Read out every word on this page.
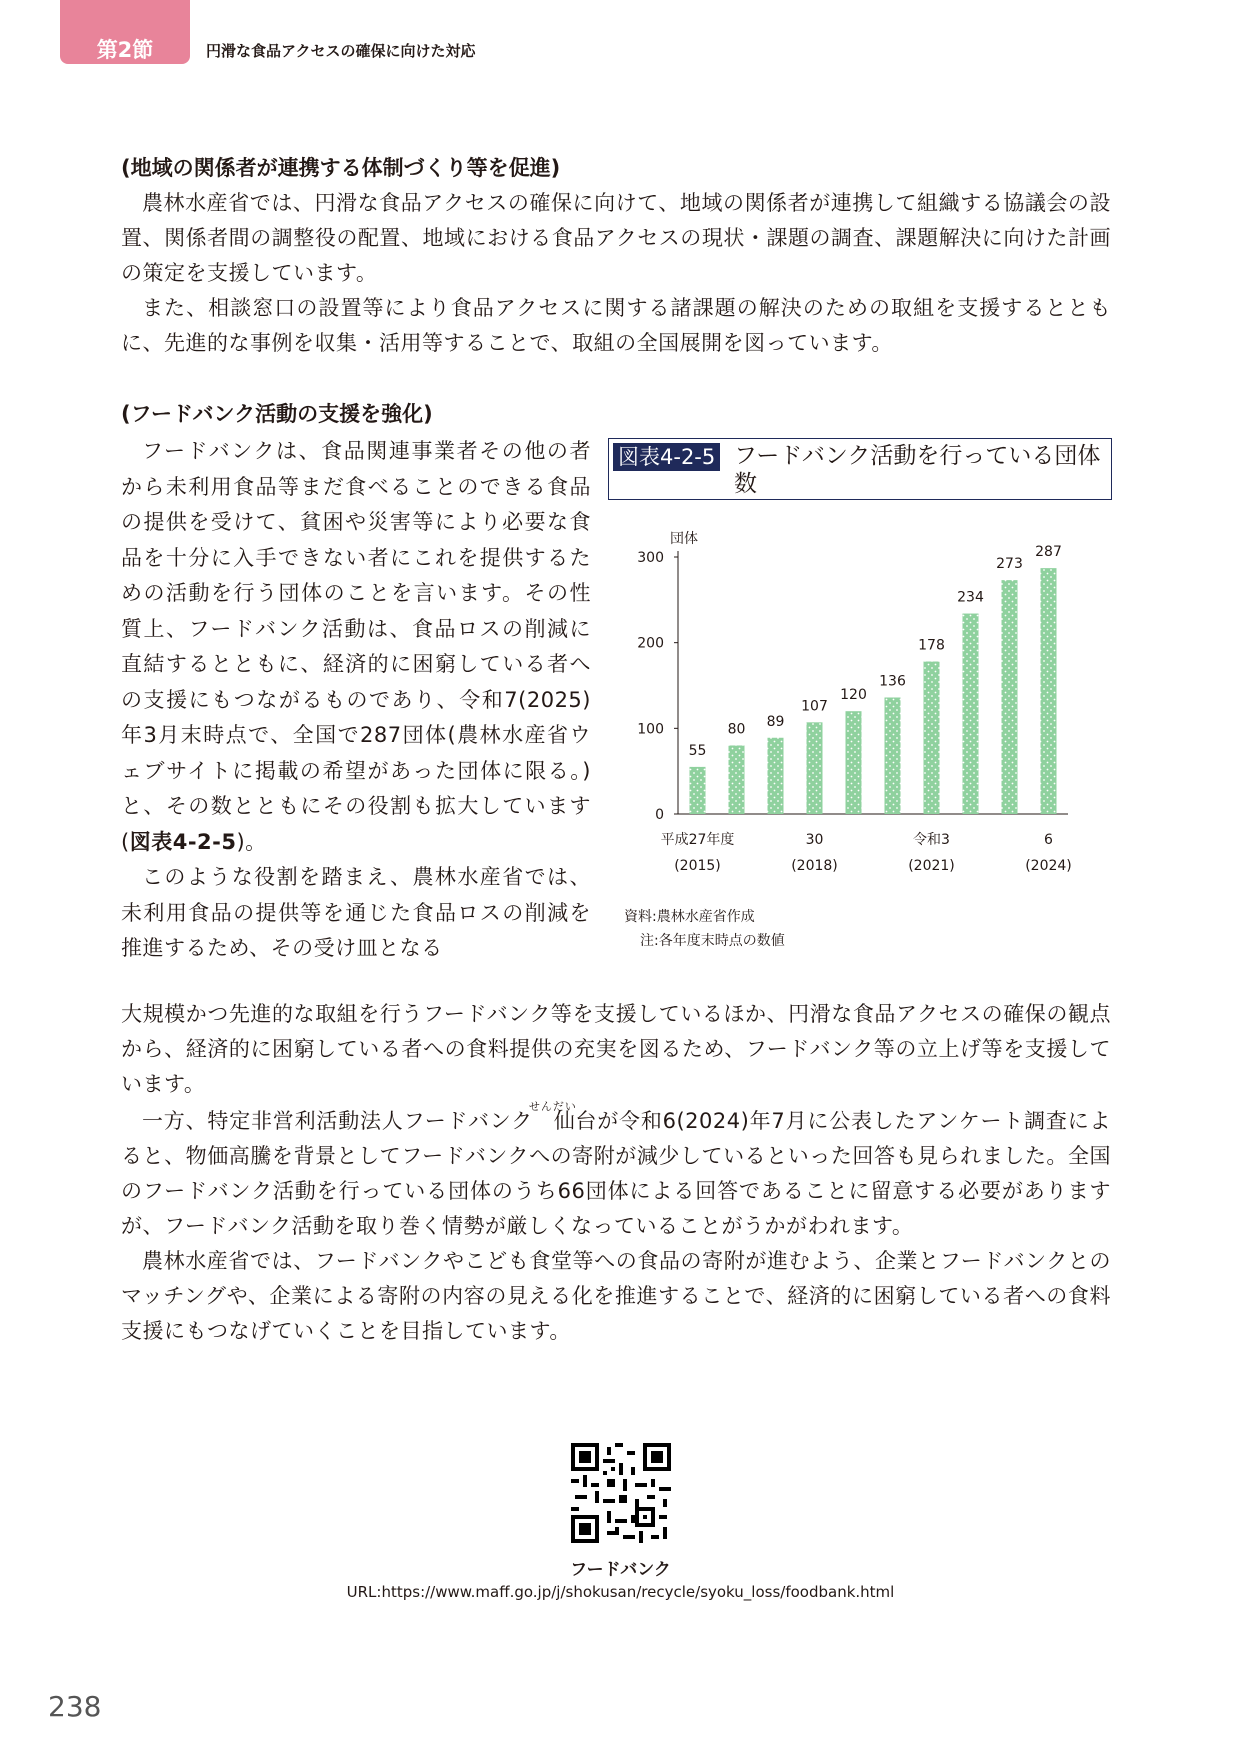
第2節	円滑な食品アクセスの確保に向けた対応

(地域の関係者が連携する体制づくり等を促進)

農林水産省では、円滑な食品アクセスの確保に向けて、地域の関係者が連携して組織する協議会の設置、関係者間の調整役の配置、地域における食品アクセスの現状・課題の調査、課題解決に向けた計画の策定を支援しています。

また、相談窓口の設置等により食品アクセスに関する諸課題の解決のための取組を支援するとともに、先進的な事例を収集・活用等することで、取組の全国展開を図っています。

(フードバンク活動の支援を強化)

フードバンクは、食品関連事業者その他の者から未利用食品等まだ食べることのできる食品の提供を受けて、貧困や災害等により必要な食品を十分に入手できない者にこれを提供するための活動を行う団体のことを言います。その性質上、フードバンク活動は、食品ロスの削減に直結するとともに、経済的に困窮している者への支援にもつながるものであり、令和7(2025)年3月末時点で、全国で287団体(農林水産省ウェブサイトに掲載の希望があった団体に限る。)と、その数とともにその役割も拡大しています(図表4-2-5)。

このような役割を踏まえ、農林水産省では、未利用食品の提供等を通じた食品ロスの削減を推進するため、その受け皿となる

図表4-2-5 フードバンク活動を行っている団体数
0
100
200
300
団体
55
80 89
107
120
136
178
234
273
287
平成27年度
(2015)
30
(2018)
令和3
(2021)
6
(2024)
資料:農林水産省作成
注:各年度末時点の数値

大規模かつ先進的な取組を行うフードバンク等を支援しているほか、円滑な食品アクセスの確保の観点から、経済的に困窮している者への食料提供の充実を図るため、フードバンク等の立上げ等を支援しています。

一方、特定非営利活動法人フードバンク
せんだい
仙台が令和6(2024)年7月に公表したアンケート調査によると、物価高騰を背景としてフードバンクへの寄附が減少しているといった回答も見られました。全国のフードバンク活動を行っている団体のうち66団体による回答であることに留意する必要がありますが、フードバンク活動を取り巻く情勢が厳しくなっていることがうかがわれます。

農林水産省では、フードバンクやこども食堂等への食品の寄附が進むよう、企業とフードバンクとのマッチングや、企業による寄附の内容の見える化を推進することで、経済的に困窮している者への食料支援にもつなげていくことを目指しています。

フードバンク
URL:https://www.maff.go.jp/j/shokusan/recycle/syoku_loss/foodbank.html
238
